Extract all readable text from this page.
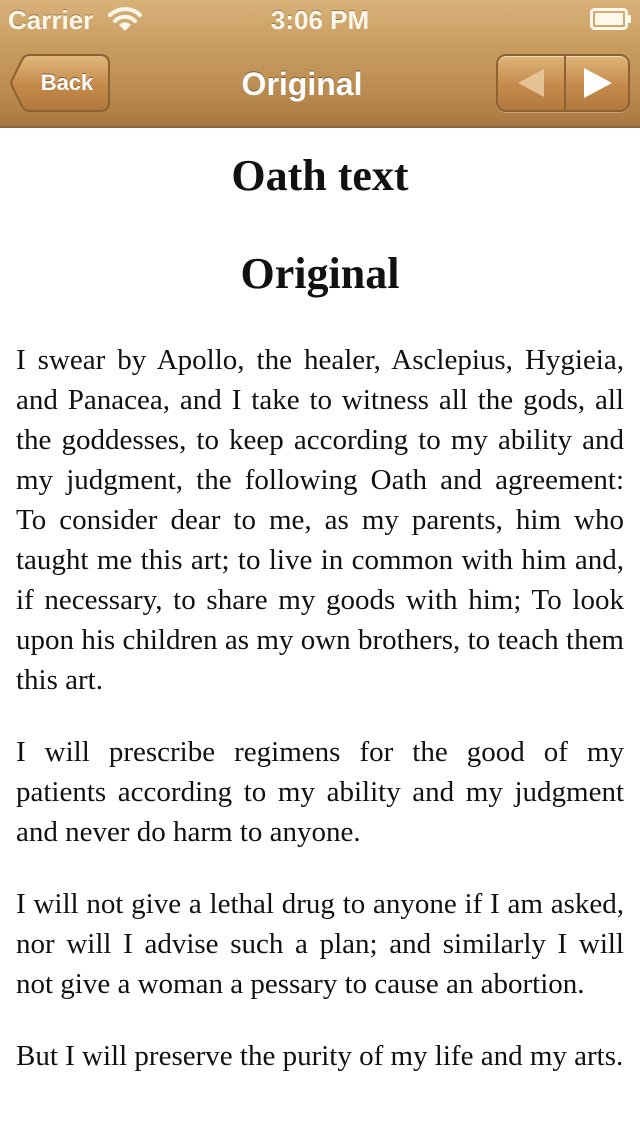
Carrier	3:06 PM
Back	Original
Oath text
Original

I swear by Apollo, the healer, Asclepius, Hygieia, and Panacea, and I take to witness all the gods, all the goddesses, to keep according to my ability and my judgment, the following Oath and agreement: To consider dear to me, as my parents, him who taught me this art; to live in common with him and, if necessary, to share my goods with him; To look upon his children as my own brothers, to teach them this art.

I will prescribe regimens for the good of my patients according to my ability and my judgment and never do harm to anyone.

I will not give a lethal drug to anyone if I am asked, nor will I advise such a plan; and similarly I will not give a woman a pessary to cause an abortion.

But I will preserve the purity of my life and my arts.
